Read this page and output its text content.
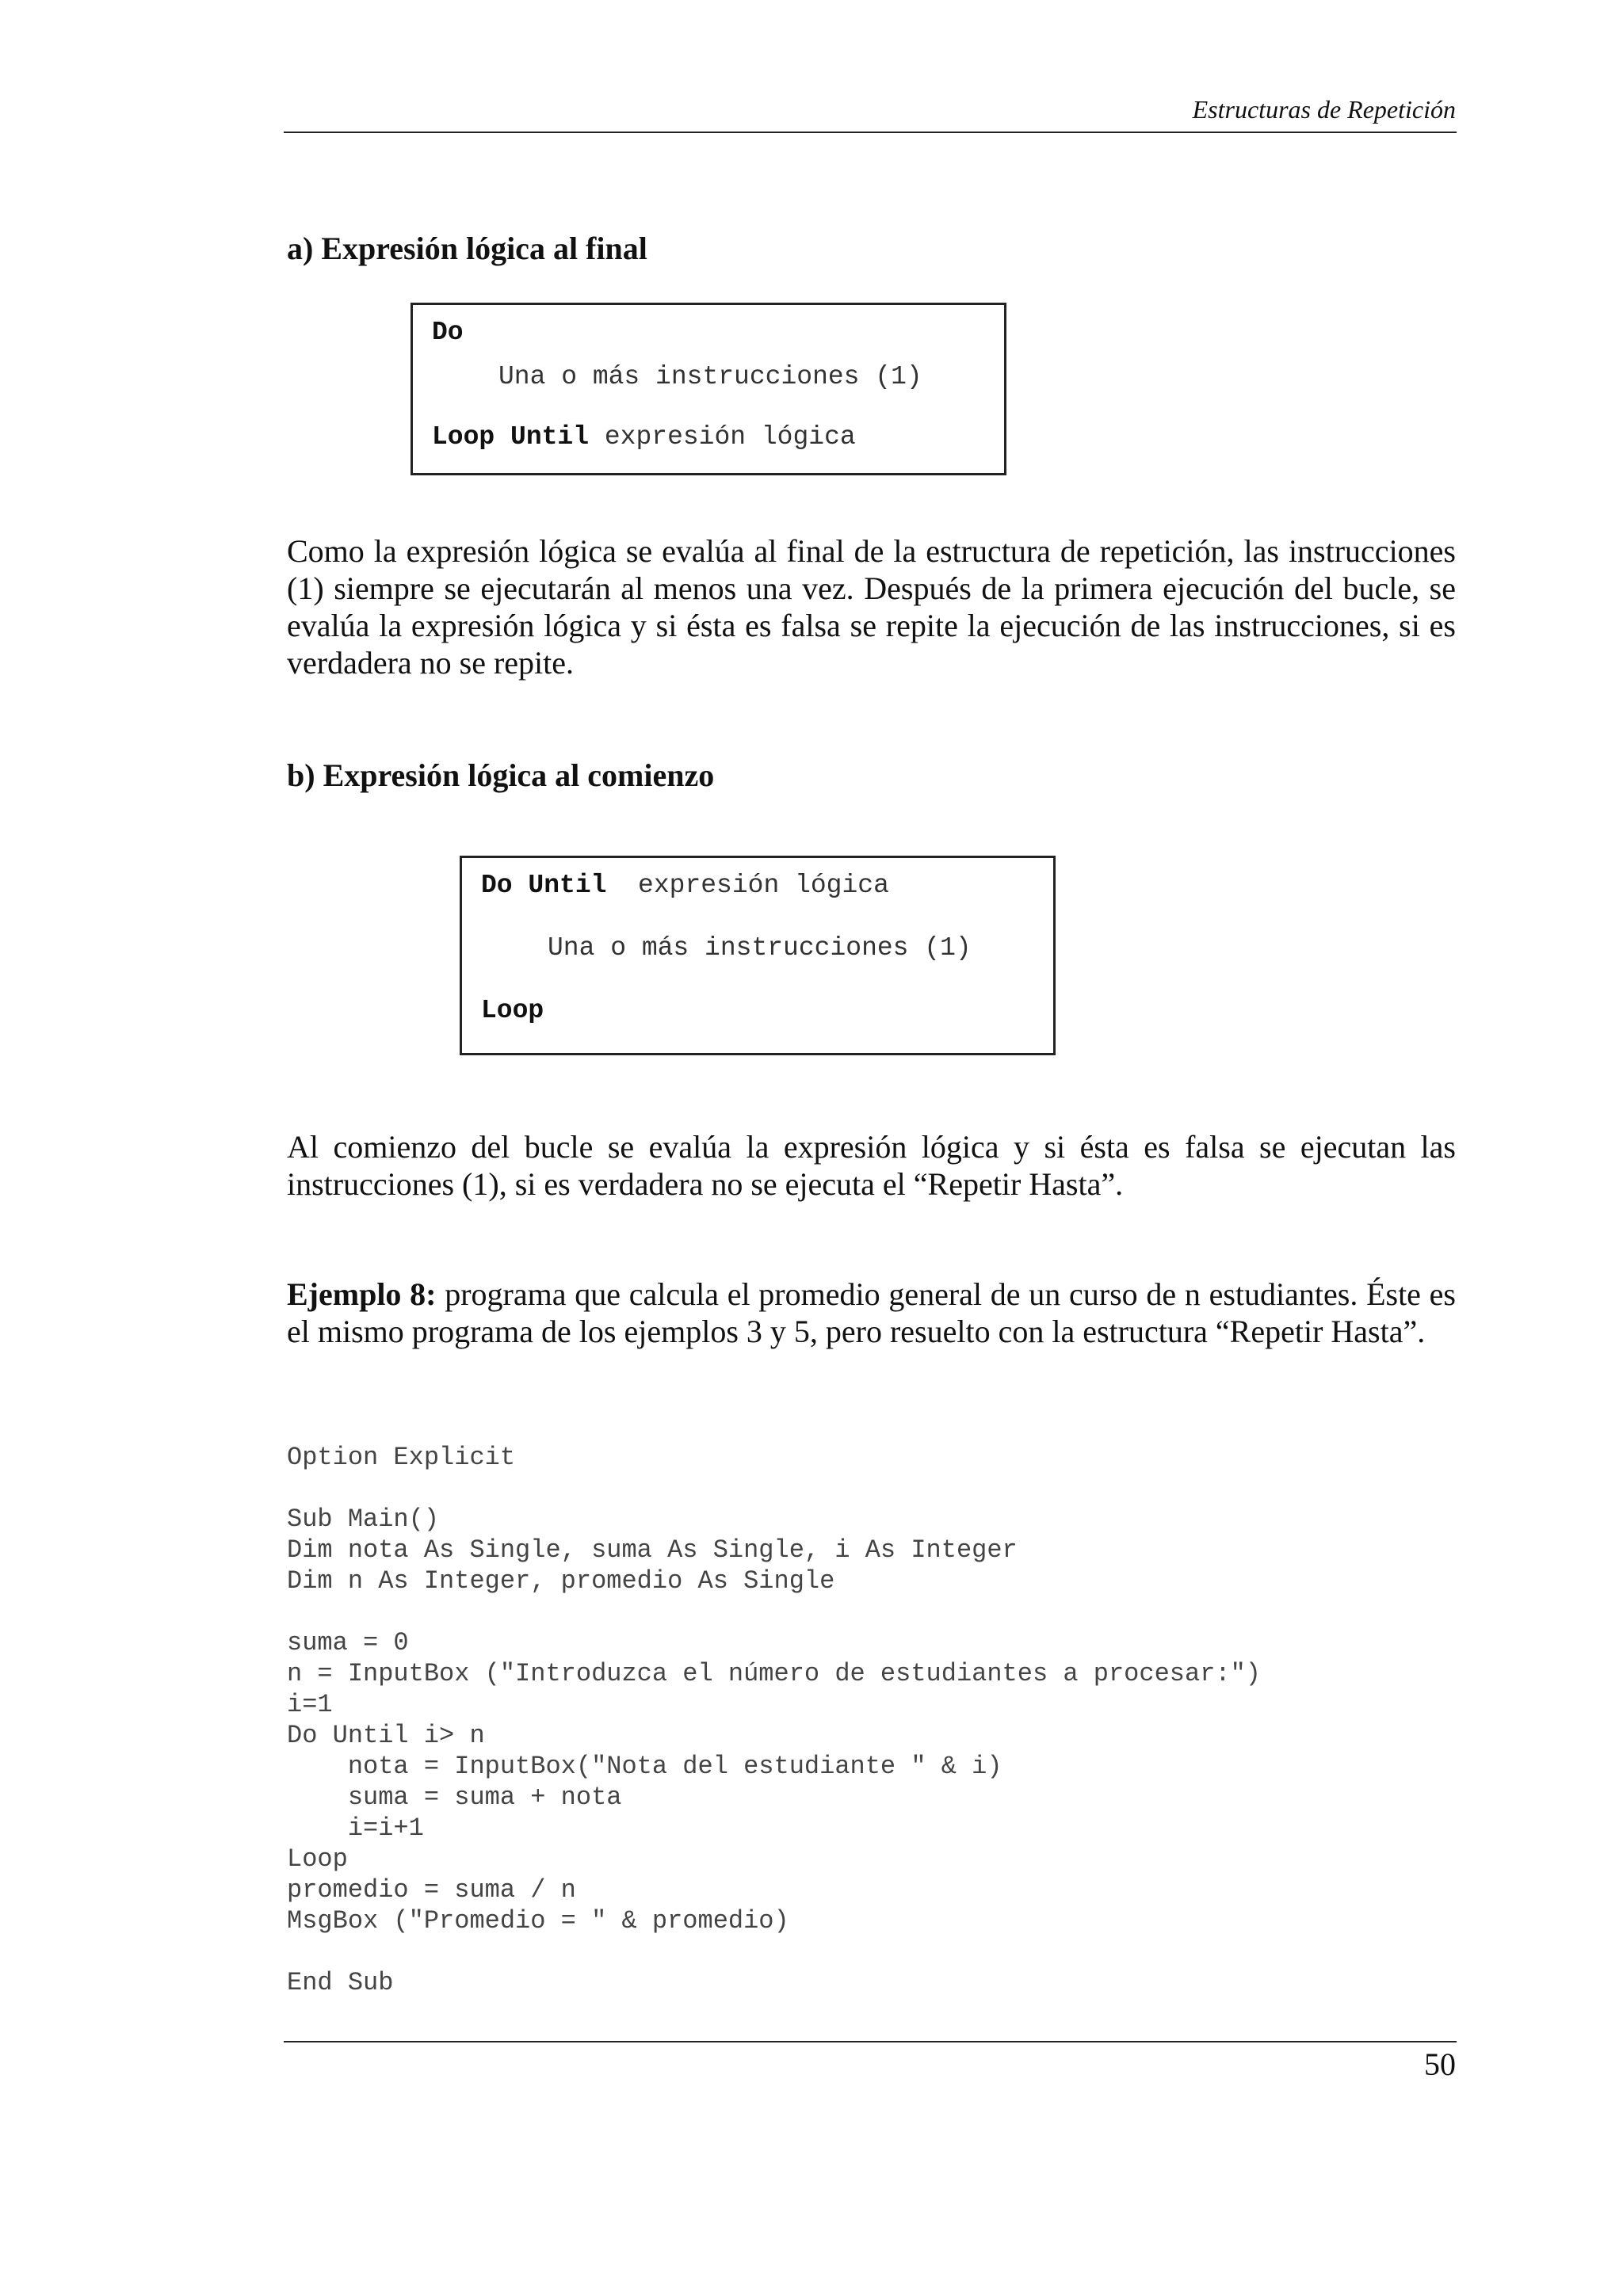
Estructuras de Repetición
a) Expresión lógica al final
Do
Una o más instrucciones (1)
Loop Until expresión lógica
Como la expresión lógica se evalúa al final de la estructura de repetición, las instrucciones (1) siempre se ejecutarán al menos una vez. Después de la primera ejecución del bucle, se evalúa la expresión lógica y si ésta es falsa se repite la ejecución de las instrucciones, si es verdadera no se repite.
b) Expresión lógica al comienzo
Do Until  expresión lógica
Una o más instrucciones (1)
Loop
Al comienzo del bucle se evalúa la expresión lógica y si ésta es falsa se ejecutan las instrucciones (1), si es verdadera no se ejecuta el “Repetir Hasta”.
Ejemplo 8: programa que calcula el promedio general de un curso de n estudiantes. Éste es el mismo programa de los ejemplos 3 y 5, pero resuelto con la estructura “Repetir Hasta”.
Option Explicit
Sub Main()
Dim nota As Single, suma As Single, i As Integer
Dim n As Integer, promedio As Single
suma = 0
n = InputBox ("Introduzca el número de estudiantes a procesar:")
i=1
Do Until i> n
nota = InputBox("Nota del estudiante " & i)
suma = suma + nota
i=i+1
Loop
promedio = suma / n
MsgBox ("Promedio = " & promedio)
End Sub
50
